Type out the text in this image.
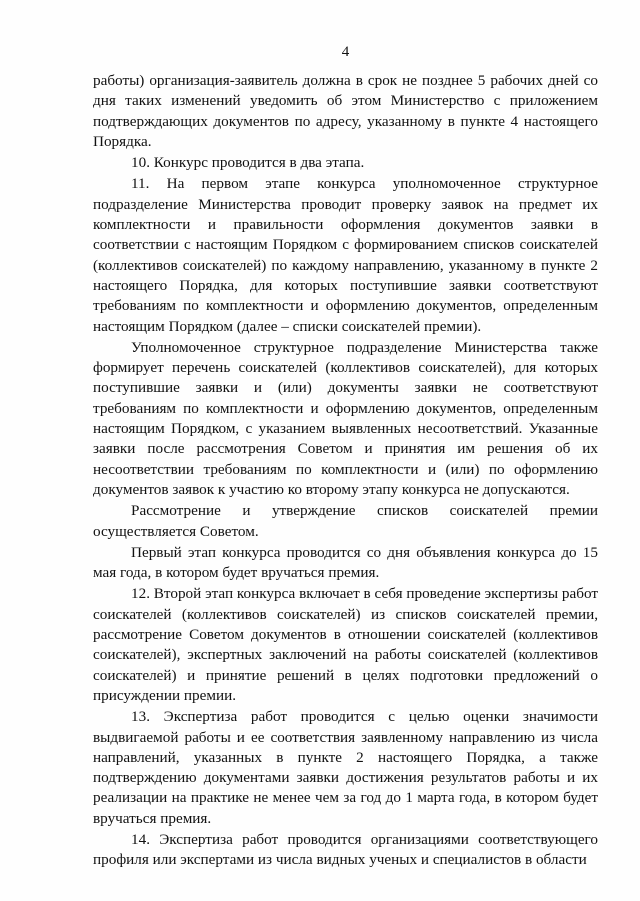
4

работы) организация-заявитель должна в срок не позднее 5 рабочих дней со дня таких изменений уведомить об этом Министерство с приложением подтверждающих документов по адресу, указанному в пункте 4 настоящего Порядка.

10. Конкурс проводится в два этапа.

11. На первом этапе конкурса уполномоченное структурное подразделение Министерства проводит проверку заявок на предмет их комплектности и правильности оформления документов заявки в соответствии с настоящим Порядком с формированием списков соискателей (коллективов соискателей) по каждому направлению, указанному в пункте 2 настоящего Порядка, для которых поступившие заявки соответствуют требованиям по комплектности и оформлению документов, определенным настоящим Порядком (далее – списки соискателей премии).

Уполномоченное структурное подразделение Министерства также формирует перечень соискателей (коллективов соискателей), для которых поступившие заявки и (или) документы заявки не соответствуют требованиям по комплектности и оформлению документов, определенным настоящим Порядком, с указанием выявленных несоответствий. Указанные заявки после рассмотрения Советом и принятия им решения об их несоответствии требованиям по комплектности и (или) по оформлению документов заявок к участию ко второму этапу конкурса не допускаются.

Рассмотрение и утверждение списков соискателей премии осуществляется Советом.

Первый этап конкурса проводится со дня объявления конкурса до 15 мая года, в котором будет вручаться премия.

12. Второй этап конкурса включает в себя проведение экспертизы работ соискателей (коллективов соискателей) из списков соискателей премии, рассмотрение Советом документов в отношении соискателей (коллективов соискателей), экспертных заключений на работы соискателей (коллективов соискателей) и принятие решений в целях подготовки предложений о присуждении премии.

13. Экспертиза работ проводится с целью оценки значимости выдвигаемой работы и ее соответствия заявленному направлению из числа направлений, указанных в пункте 2 настоящего Порядка, а также подтверждению документами заявки достижения результатов работы и их реализации на практике не менее чем за год до 1 марта года, в котором будет вручаться премия.

14. Экспертиза работ проводится организациями соответствующего профиля или экспертами из числа видных ученых и специалистов в области
